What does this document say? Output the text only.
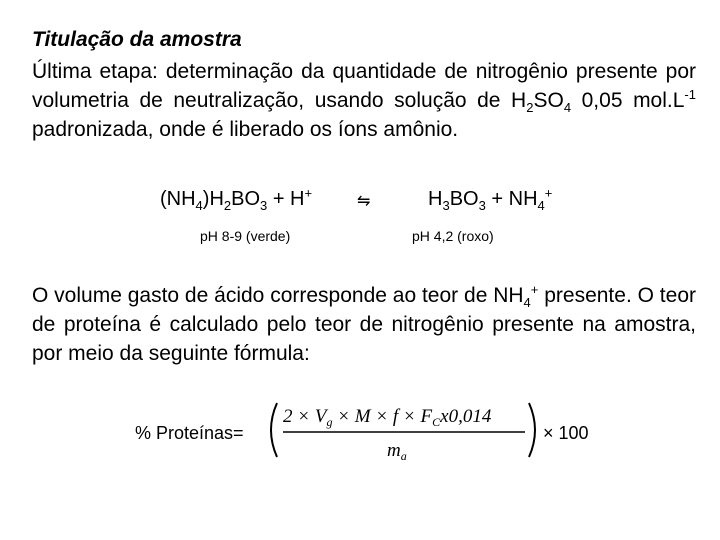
Titulação da amostra
Última etapa: determinação da quantidade de nitrogênio presente por volumetria de neutralização, usando solução de $H_2SO_4$ 0,05 $mol.L^{-1}$ padronizada, onde é liberado os íons amônio.
$(NH_4)H_2BO_3 + H^+$
⇋	$H_3BO_3 + NH_4^+$
pH 8-9 (verde)	pH 4,2 (roxo)
O volume gasto de ácido corresponde ao teor de $NH_4^+$ presente. O teor de proteína é calculado pelo teor de nitrogênio presente na amostra, por meio da seguinte fórmula:
% Proteínas=
$2 \times V_g \times M \times f \times F_Cx0,014$
$m_a$
× 100
